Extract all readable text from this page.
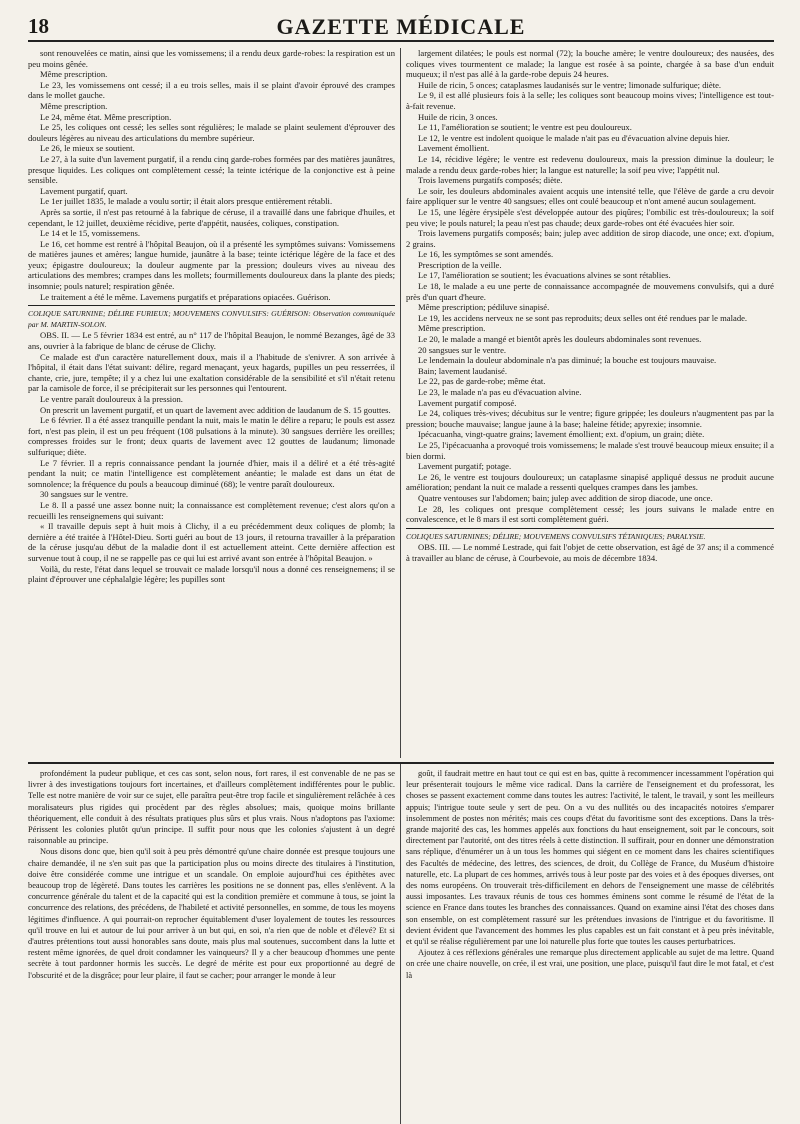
18	GAZETTE MÉDICALE

sont renouvelées ce matin, ainsi que les vomissemens; il a rendu deux garde-robes: la respiration est un peu moins gênée.

Même prescription.

Le 23, les vomissemens ont cessé; il a eu trois selles, mais il se plaint d'avoir éprouvé des crampes dans le mollet gauche.

Même prescription.

Le 24, même état. Même prescription.

Le 25, les coliques ont cessé; les selles sont régulières; le malade se plaint seulement d'éprouver des douleurs légères au niveau des articulations du membre supérieur.

Le 26, le mieux se soutient.

Le 27, à la suite d'un lavement purgatif, il a rendu cinq garde-robes formées par des matières jaunâtres, presque liquides. Les coliques ont complètement cessé; la teinte ictérique de la conjonctive est à peine sensible.

Lavement purgatif, quart.

Le 1er juillet 1835, le malade a voulu sortir; il était alors presque entièrement rétabli.

Après sa sortie, il n'est pas retourné à la fabrique de céruse, il a travaillé dans une fabrique d'huiles, et cependant, le 12 juillet, deuxième récidive, perte d'appétit, nausées, coliques, constipation.

Le 14 et le 15, vomissemens.

Le 16, cet homme est rentré à l'hôpital Beaujon, où il a présenté les symptômes suivans: Vomissemens de matières jaunes et amères; langue humide, jaunâtre à la base; teinte ictérique légère de la face et des yeux; épigastre douloureux; la douleur augmente par la pression; douleurs vives au niveau des articulations des membres; crampes dans les mollets; fourmillements douloureux dans la plante des pieds; insomnie; pouls naturel; respiration gênée.

Le traitement a été le même. Lavemens purgatifs et préparations opiacées. Guérison.

COLIQUE SATURNINE; DÉLIRE FURIEUX; MOUVEMENS CONVULSIFS: GUÉRISON: Observation communiquée par M. MARTIN-SOLON.

OBS. II. — Le 5 février 1834 est entré, au n° 117 de l'hôpital Beaujon, le nommé Bezanges, âgé de 33 ans, ouvrier à la fabrique de blanc de céruse de Clichy.

Ce malade est d'un caractère naturellement doux, mais il a l'habitude de s'enivrer. A son arrivée à l'hôpital, il était dans l'état suivant: délire, regard menaçant, yeux hagards, pupilles un peu resserrées, il chante, crie, jure, tempête; il y a chez lui une exaltation considérable de la sensibilité et s'il n'était retenu par la camisole de force, il se précipiterait sur les personnes qui l'entourent.

Le ventre paraît douloureux à la pression.

On prescrit un lavement purgatif, et un quart de lavement avec addition de laudanum de S. 15 gouttes.

Le 6 février. Il a été assez tranquille pendant la nuit, mais le matin le délire a reparu; le pouls est assez fort, n'est pas plein, il est un peu fréquent (108 pulsations à la minute). 30 sangsues derrière les oreilles; compresses froides sur le front; deux quarts de lavement avec 12 gouttes de laudanum; limonade sulfurique; diète.

Le 7 février. Il a repris connaissance pendant la journée d'hier, mais il a déliré et a été très-agité pendant la nuit; ce matin l'intelligence est complètement anéantie; le malade est dans un état de somnolence; la fréquence du pouls a beaucoup diminué (68); le ventre paraît douloureux.

30 sangsues sur le ventre.

Le 8. Il a passé une assez bonne nuit; la connaissance est complètement revenue; c'est alors qu'on a recueilli les renseignemens qui suivant:

« Il travaille depuis sept à huit mois à Clichy, il a eu précédemment deux coliques de plomb; la dernière a été traitée à l'Hôtel-Dieu. Sorti guéri au bout de 13 jours, il retourna travailler à la préparation de la céruse jusqu'au début de la maladie dont il est actuellement atteint. Cette dernière affection est survenue tout à coup, il ne se rappelle pas ce qui lui est arrivé avant son entrée à l'hôpital Beaujon. »

Voilà, du reste, l'état dans lequel se trouvait ce malade lorsqu'il nous a donné ces renseignemens; il se plaint d'éprouver une céphalalgie légère; les pupilles sont

largement dilatées; le pouls est normal (72); la bouche amère; le ventre douloureux; des nausées, des coliques vives tourmentent ce malade; la langue est rosée à sa pointe, chargée à sa base d'un enduit muqueux; il n'est pas allé à la garde-robe depuis 24 heures.

Huile de ricin, 5 onces; cataplasmes laudanisés sur le ventre; limonade sulfurique; diète.

Le 9, il est allé plusieurs fois à la selle; les coliques sont beaucoup moins vives; l'intelligence est tout-à-fait revenue.

Huile de ricin, 3 onces.

Le 11, l'amélioration se soutient; le ventre est peu douloureux.

Le 12, le ventre est indolent quoique le malade n'ait pas eu d'évacuation alvine depuis hier.

Lavement émollient.

Le 14, récidive légère; le ventre est redevenu douloureux, mais la pression diminue la douleur; le malade a rendu deux garde-robes hier; la langue est naturelle; la soif peu vive; l'appétit nul.

Trois lavemens purgatifs composés; diète.

Le soir, les douleurs abdominales avaient acquis une intensité telle, que l'élève de garde a cru devoir faire appliquer sur le ventre 40 sangsues; elles ont coulé beaucoup et n'ont amené aucun soulagement.

Le 15, une légère érysipèle s'est développée autour des piqûres; l'ombilic est très-douloureux; la soif peu vive; le pouls naturel; la peau n'est pas chaude; deux garde-robes ont été évacuées hier soir.

Trois lavemens purgatifs composés; bain; julep avec addition de sirop diacode, une once; ext. d'opium, 2 grains.

Le 16, les symptômes se sont amendés.

Prescription de la veille.

Le 17, l'amélioration se soutient; les évacuations alvines se sont rétablies.

Le 18, le malade a eu une perte de connaissance accompagnée de mouvemens convulsifs, qui a duré près d'un quart d'heure.

Même prescription; pédiluve sinapisé.

Le 19, les accidens nerveux ne se sont pas reproduits; deux selles ont été rendues par le malade.

Même prescription.

Le 20, le malade a mangé et bientôt après les douleurs abdominales sont revenues.

20 sangsues sur le ventre.

Le lendemain la douleur abdominale n'a pas diminué; la bouche est toujours mauvaise.

Bain; lavement laudanisé.

Le 22, pas de garde-robe; même état.

Le 23, le malade n'a pas eu d'évacuation alvine.

Lavement purgatif composé.

Le 24, coliques très-vives; décubitus sur le ventre; figure grippée; les douleurs n'augmentent pas par la pression; bouche mauvaise; langue jaune à la base; haleine fétide; apyrexie; insomnie.

Ipécacuanha, vingt-quatre grains; lavement émollient; ext. d'opium, un grain; diète.

Le 25, l'ipécacuanha a provoqué trois vomissemens; le malade s'est trouvé beaucoup mieux ensuite; il a bien dormi.

Lavement purgatif; potage.

Le 26, le ventre est toujours douloureux; un cataplasme sinapisé appliqué dessus ne produit aucune amélioration; pendant la nuit ce malade a ressenti quelques crampes dans les jambes.

Quatre ventouses sur l'abdomen; bain; julep avec addition de sirop diacode, une once.

Le 28, les coliques ont presque complètement cessé; les jours suivans le malade entre en convalescence, et le 8 mars il est sorti complètement guéri.

COLIQUES SATURNINES; DÉLIRE; MOUVEMENS CONVULSIFS TÉTANIQUES; PARALYSIE.

OBS. III. — Le nommé Lestrade, qui fait l'objet de cette observation, est âgé de 37 ans; il a commencé à travailler au blanc de céruse, à Courbevoie, au mois de décembre 1834.

profondément la pudeur publique, et ces cas sont, selon nous, fort rares, il est convenable de ne pas se livrer à des investigations toujours fort incertaines, et d'ailleurs complètement indifférentes pour le public. Telle est notre manière de voir sur ce sujet, elle paraîtra peut-être trop facile et singulièrement relâchée à ces moralisateurs plus rigides qui procèdent par des règles absolues; mais, quoique moins brillante théoriquement, elle conduit à des résultats pratiques plus sûrs et plus vrais. Nous n'adoptons pas l'axiome: Périssent les colonies plutôt qu'un principe. Il suffit pour nous que les colonies s'ajustent à un degré raisonnable au principe.

Nous disons donc que, bien qu'il soit à peu près démontré qu'une chaire donnée est presque toujours une chaire demandée, il ne s'en suit pas que la participation plus ou moins directe des titulaires à l'institution, doive être considérée comme une intrigue et un scandale. On emploie aujourd'hui ces épithètes avec beaucoup trop de légèreté. Dans toutes les carrières les positions ne se donnent pas, elles s'enlèvent. A la concurrence générale du talent et de la capacité qui est la condition première et commune à tous, se joint la concurrence des relations, des précédens, de l'habileté et activité personnelles, en somme, de tous les moyens légitimes d'influence. A qui pourrait-on reprocher équitablement d'user loyalement de toutes les ressources qu'il trouve en lui et autour de lui pour arriver à un but qui, en soi, n'a rien que de noble et d'élevé? Et si d'autres prétentions tout aussi honorables sans doute, mais plus mal soutenues, succombent dans la lutte et restent même ignorées, de quel droit condamner les vainqueurs? Il y a cher beaucoup d'hommes une pente secrète à tout pardonner hormis les succès. Le degré de mérite est pour eux proportionné au degré de l'obscurité et de la disgrâce; pour leur plaire, il faut se cacher; pour arranger le monde à leur

goût, il faudrait mettre en haut tout ce qui est en bas, quitte à recommencer incessamment l'opération qui leur présenterait toujours le même vice radical. Dans la carrière de l'enseignement et du professorat, les choses se passent exactement comme dans toutes les autres: l'activité, le talent, le travail, y sont les meilleurs appuis; l'intrigue toute seule y sert de peu. On a vu des nullités ou des incapacités notoires s'emparer insolemment de postes non mérités; mais ces coups d'état du favoritisme sont des exceptions. Dans la très-grande majorité des cas, les hommes appelés aux fonctions du haut enseignement, soit par le concours, soit directement par l'autorité, ont des titres réels à cette distinction. Il suffirait, pour en donner une démonstration sans réplique, d'énumérer un à un tous les hommes qui siégent en ce moment dans les chaires scientifiques des Facultés de médecine, des lettres, des sciences, de droit, du Collège de France, du Muséum d'histoire naturelle, etc. La plupart de ces hommes, arrivés tous à leur poste par des voies et à des époques diverses, ont des noms européens. On trouverait très-difficilement en dehors de l'enseignement une masse de célébrités aussi imposantes. Les travaux réunis de tous ces hommes éminens sont comme le résumé de l'état de la science en France dans toutes les branches des connaissances. Quand on examine ainsi l'état des choses dans son ensemble, on est complètement rassuré sur les prétendues invasions de l'intrigue et du favoritisme. Il devient évident que l'avancement des hommes les plus capables est un fait constant et à peu près inévitable, et qu'il se réalise régulièrement par une loi naturelle plus forte que toutes les causes perturbatrices.

Ajoutez à ces réflexions générales une remarque plus directement applicable au sujet de ma lettre. Quand on crée une chaire nouvelle, on crée, il est vrai, une position, une place, puisqu'il faut dire le mot fatal, et c'est là
